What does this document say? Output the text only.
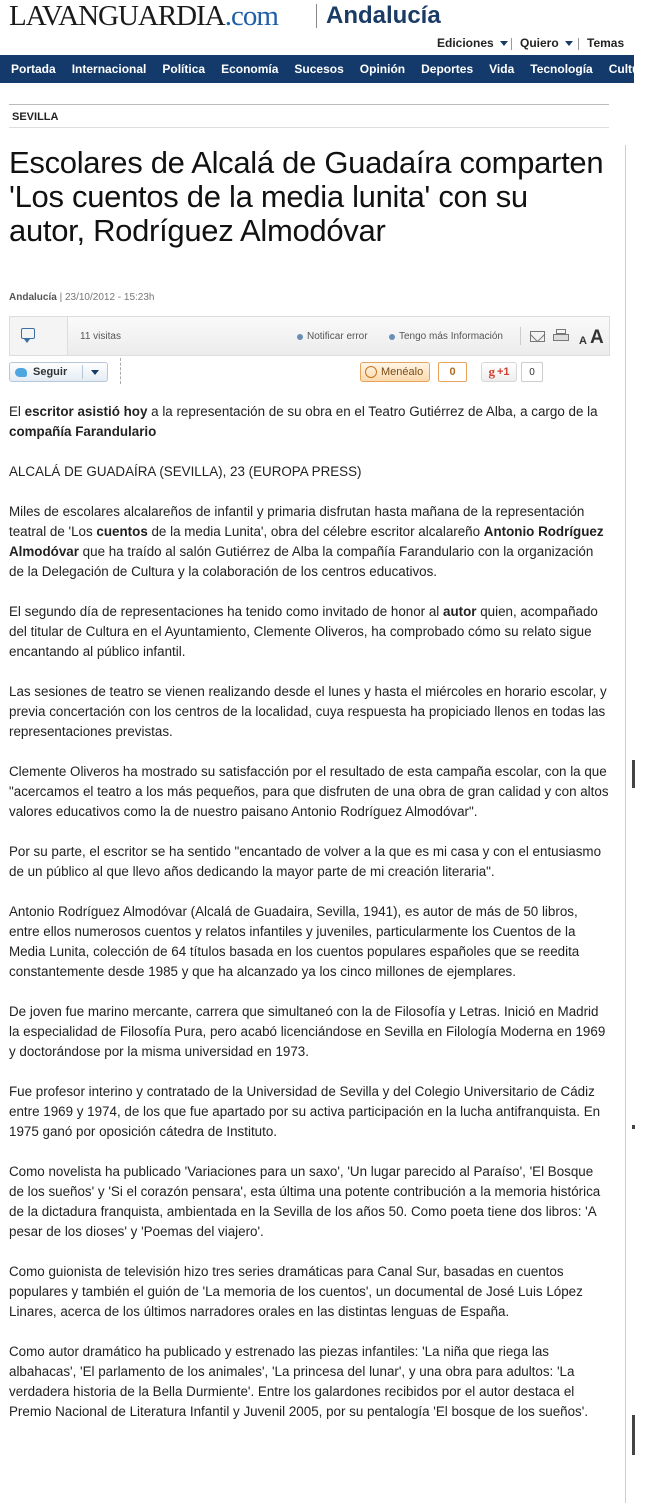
LAVANGUARDIA.com Andalucía
Ediciones Quiero Temas
Portada	Internacional	Política	Economía	Sucesos	Opinión	Deportes	Vida	Tecnología	Cultura
SEVILLA
Escolares de Alcalá de Guadaíra comparten 'Los cuentos de la media lunita' con su autor, Rodríguez Almodóvar
Andalucía | 23/10/2012 - 15:23h
11 visitas	Notificar error	Tengo más Información	A A
Seguir	Menéalo	0	g +1	0

El escritor asistió hoy a la representación de su obra en el Teatro Gutiérrez de Alba, a cargo de la compañía Farandulario

ALCALÁ DE GUADAÍRA (SEVILLA), 23 (EUROPA PRESS)

Miles de escolares alcalareños de infantil y primaria disfrutan hasta mañana de la representación teatral de 'Los cuentos de la media Lunita', obra del célebre escritor alcalareño Antonio Rodríguez Almodóvar que ha traído al salón Gutiérrez de Alba la compañía Farandulario con la organización de la Delegación de Cultura y la colaboración de los centros educativos.

El segundo día de representaciones ha tenido como invitado de honor al autor quien, acompañado del titular de Cultura en el Ayuntamiento, Clemente Oliveros, ha comprobado cómo su relato sigue encantando al público infantil.

Las sesiones de teatro se vienen realizando desde el lunes y hasta el miércoles en horario escolar, y previa concertación con los centros de la localidad, cuya respuesta ha propiciado llenos en todas las representaciones previstas.

Clemente Oliveros ha mostrado su satisfacción por el resultado de esta campaña escolar, con la que "acercamos el teatro a los más pequeños, para que disfruten de una obra de gran calidad y con altos valores educativos como la de nuestro paisano Antonio Rodríguez Almodóvar".

Por su parte, el escritor se ha sentido "encantado de volver a la que es mi casa y con el entusiasmo de un público al que llevo años dedicando la mayor parte de mi creación literaria".

Antonio Rodríguez Almodóvar (Alcalá de Guadaira, Sevilla, 1941), es autor de más de 50 libros, entre ellos numerosos cuentos y relatos infantiles y juveniles, particularmente los Cuentos de la Media Lunita, colección de 64 títulos basada en los cuentos populares españoles que se reedita constantemente desde 1985 y que ha alcanzado ya los cinco millones de ejemplares.

De joven fue marino mercante, carrera que simultaneó con la de Filosofía y Letras. Inició en Madrid la especialidad de Filosofía Pura, pero acabó licenciándose en Sevilla en Filología Moderna en 1969 y doctorándose por la misma universidad en 1973.

Fue profesor interino y contratado de la Universidad de Sevilla y del Colegio Universitario de Cádiz entre 1969 y 1974, de los que fue apartado por su activa participación en la lucha antifranquista. En 1975 ganó por oposición cátedra de Instituto.

Como novelista ha publicado 'Variaciones para un saxo', 'Un lugar parecido al Paraíso', 'El Bosque de los sueños' y 'Si el corazón pensara', esta última una potente contribución a la memoria histórica de la dictadura franquista, ambientada en la Sevilla de los años 50. Como poeta tiene dos libros: 'A pesar de los dioses' y 'Poemas del viajero'.

Como guionista de televisión hizo tres series dramáticas para Canal Sur, basadas en cuentos populares y también el guión de 'La memoria de los cuentos', un documental de José Luis López Linares, acerca de los últimos narradores orales en las distintas lenguas de España.

Como autor dramático ha publicado y estrenado las piezas infantiles: 'La niña que riega las albahacas', 'El parlamento de los animales', 'La princesa del lunar', y una obra para adultos: 'La verdadera historia de la Bella Durmiente'. Entre los galardones recibidos por el autor destaca el Premio Nacional de Literatura Infantil y Juvenil 2005, por su pentalogía 'El bosque de los sueños'.
